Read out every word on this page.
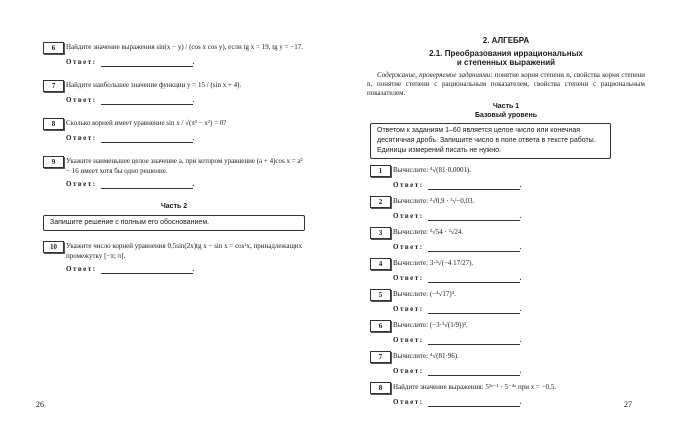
6	Найдите значение выражения sin(x − y) / (cos x cos y), если tg x = 19, tg y = −17.
Ответ:	.
7	Найдите наибольшее значение функции y = 15 / (sin x + 4).
Ответ:	.
8	Сколько корней имеет уравнение sin x / √(π² − x²) = 0?
Ответ:	.
9	Укажите наименьшее целое значение a, при котором уравнение (a + 4)cos x = a² − 16 имеет хотя бы одно решение.
Ответ:	.
Часть 2
Запишите решение с полным его обоснованием.
10	Укажите число корней уравнения 0,5sin(2x)tg x − sin x = cos²x, принадлежащих промежутку [−π; π].
Ответ:	.
26
2. АЛГЕБРА
2.1. Преобразования иррациональных
и степенных выражений
Содержание, проверяемое заданиями: понятие корня степени n, свойства корня степени n, понятие степени с рациональным показателем, свойства степени с рациональным показателем.
Часть 1
Базовый уровень
Ответом к заданиям 1–60 является целое число или конечная десятичная дробь. Запишите число в поле ответа в тексте работы. Единицы измерений писать не нужно.
1	Вычислите: ⁴√(81·0,0001).
Ответ:	.
2	Вычислите: ³√0,9 · ³√−0,03.
Ответ:	.
3	Вычислите: ³√54 · ³√24.
Ответ:	.
4	Вычислите: 3·³√(−4 17/27).
Ответ:	.
5	Вычислите: (−⁴√17)⁴.
Ответ:	.
6	Вычислите: (−3·³√(1/9))³.
Ответ:	.
7	Вычислите: ⁴√(81·96).
Ответ:	.
8	Найдите значение выражения: 5²ˣ⁻¹ · 5⁻⁴ˣ при x = −0,5.
Ответ:	.	27
